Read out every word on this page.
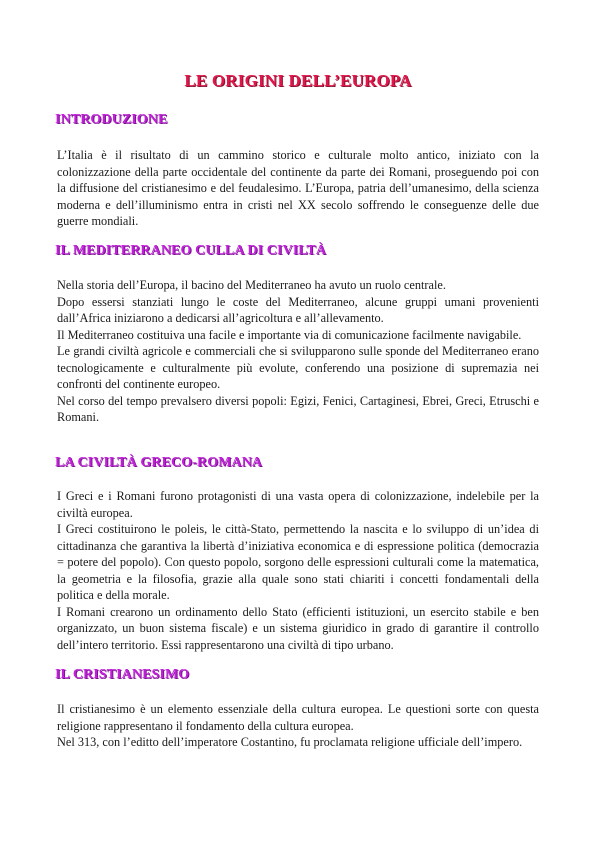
LE ORIGINI DELL’EUROPA
INTRODUZIONE

L’Italia è il risultato di un cammino storico e culturale molto antico, iniziato con la colonizzazione della parte occidentale del continente da parte dei Romani, proseguendo poi con la diffusione del cristianesimo e del feudalesimo. L’Europa, patria dell’umanesimo, della scienza moderna e dell’illuminismo entra in cristi nel XX secolo soffrendo le conseguenze delle due guerre mondiali.

IL MEDITERRANEO CULLA DI CIVILTÀ

Nella storia dell’Europa, il bacino del Mediterraneo ha avuto un ruolo centrale.

Dopo essersi stanziati lungo le coste del Mediterraneo, alcune gruppi umani provenienti dall’Africa iniziarono a dedicarsi all’agricoltura e all’allevamento.

Il Mediterraneo costituiva una facile e importante via di comunicazione facilmente navigabile.

Le grandi civiltà agricole e commerciali che si svilupparono sulle sponde del Mediterraneo erano tecnologicamente e culturalmente più evolute, conferendo una posizione di supremazia nei confronti del continente europeo.

Nel corso del tempo prevalsero diversi popoli: Egizi, Fenici, Cartaginesi, Ebrei, Greci, Etruschi e Romani.

LA CIVILTÀ GRECO-ROMANA

I Greci e i Romani furono protagonisti di una vasta opera di colonizzazione, indelebile per la civiltà europea.

I Greci costituirono le poleis, le città-Stato, permettendo la nascita e lo sviluppo di un’idea di cittadinanza che garantiva la libertà d’iniziativa economica e di espressione politica (democrazia = potere del popolo). Con questo popolo, sorgono delle espressioni culturali come la matematica, la geometria e la filosofia, grazie alla quale sono stati chiariti i concetti fondamentali della politica e della morale.

I Romani crearono un ordinamento dello Stato (efficienti istituzioni, un esercito stabile e ben organizzato, un buon sistema fiscale) e un sistema giuridico in grado di garantire il controllo dell’intero territorio. Essi rappresentarono una civiltà di tipo urbano.

IL CRISTIANESIMO

Il cristianesimo è un elemento essenziale della cultura europea. Le questioni sorte con questa religione rappresentano il fondamento della cultura europea.

Nel 313, con l’editto dell’imperatore Costantino, fu proclamata religione ufficiale dell’impero.
